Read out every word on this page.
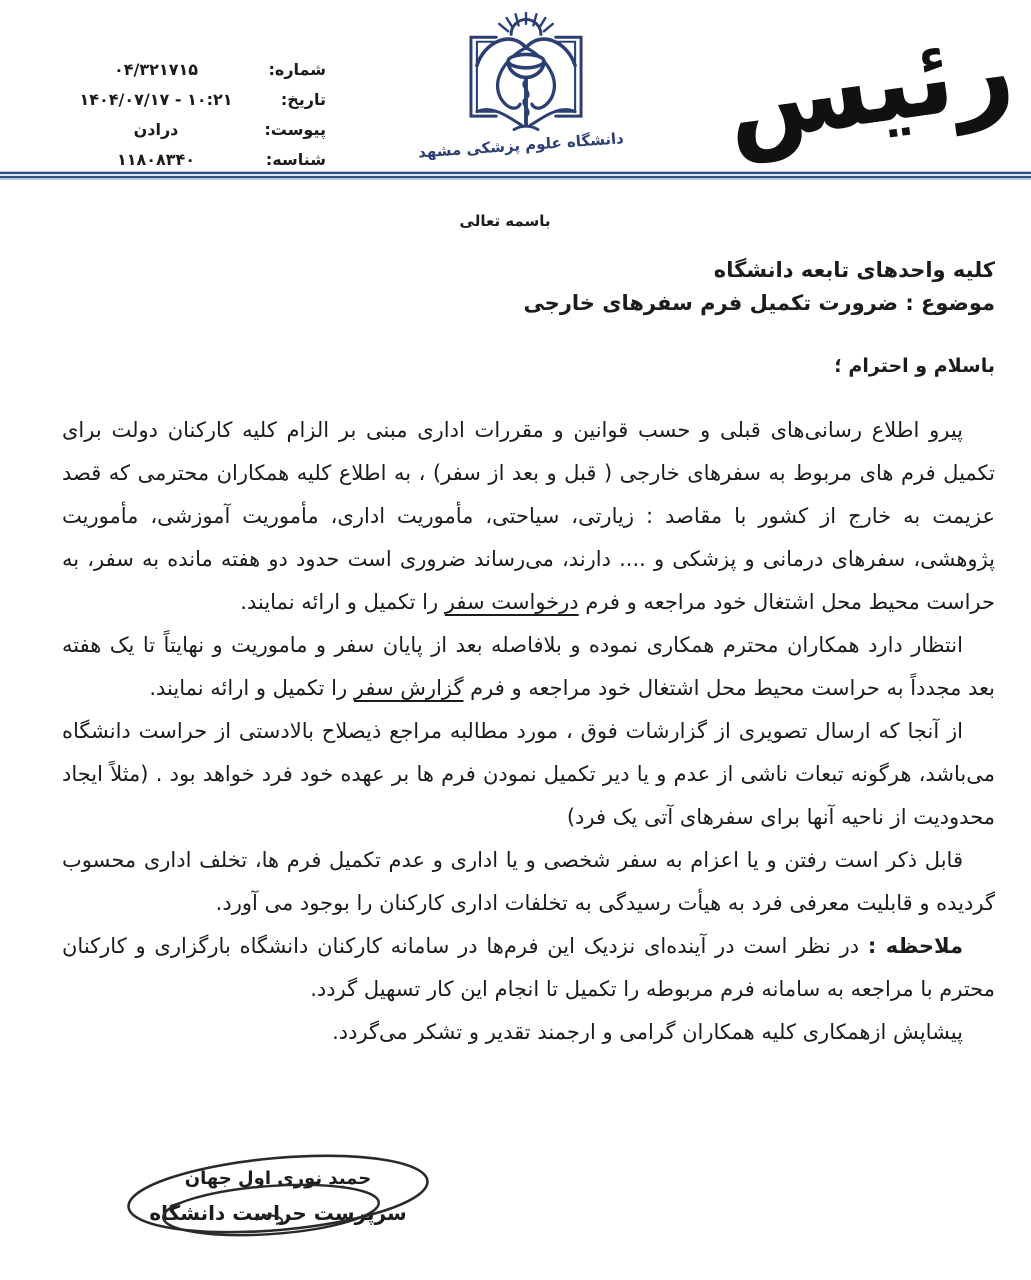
شماره:
۰۴/۳۲۱۷۱۵
تاریخ:
۱۴۰۴/۰۷/۱۷ - ۱۰:۲۱
پیوست:
ندارد
شناسه:
۱۱۸۰۸۳۴۰	دانشگاه علوم پزشکی مشهد رئیس
باسمه تعالی
کلیه واحدهای تابعه دانشگاه
موضوع : ضرورت تکمیل فرم سفرهای خارجی
باسلام و احترام ؛

پیرو اطلاع رسانی‌های قبلی و حسب قوانین و مقررات اداری مبنی بر الزام کلیه کارکنان دولت برای تکمیل فرم های مربوط به سفرهای خارجی ( قبل و بعد از سفر) ، به اطلاع کلیه همکاران محترمی که قصد عزیمت به خارج از کشور با مقاصد : زیارتی، سیاحتی، مأموریت اداری، مأموریت آموزشی، مأموریت پژوهشی، سفرهای درمانی و پزشکی و .... دارند، می‌رساند ضروری است حدود دو هفته مانده به سفر، به حراست محیط محل اشتغال خود مراجعه و فرم درخواست سفر را تکمیل و ارائه نمایند.

انتظار دارد همکاران محترم همکاری نموده و بلافاصله بعد از پایان سفر و ماموریت و نهایتاً تا یک هفته بعد مجدداً به حراست محیط محل اشتغال خود مراجعه و فرم گزارش سفر را تکمیل و ارائه نمایند.

از آنجا که ارسال تصویری از گزارشات فوق ، مورد مطالبه مراجع ذیصلاح بالادستی از حراست دانشگاه می‌باشد، هرگونه تبعات ناشی از عدم و یا دیر تکمیل نمودن فرم ها بر عهده خود فرد خواهد بود . (مثلاً ایجاد محدودیت از ناحیه آنها برای سفرهای آتی یک فرد)

قابل ذکر است رفتن و یا اعزام به سفر شخصی و یا اداری و عدم تکمیل فرم ها، تخلف اداری محسوب گردیده و قابلیت معرفی فرد به هیأت رسیدگی به تخلفات اداری کارکنان را بوجود می آورد.

ملاحظه : در نظر است در آینده‌ای نزدیک این فرم‌ها در سامانه کارکنان دانشگاه بارگزاری و کارکنان محترم با مراجعه به سامانه فرم مربوطه را تکمیل تا انجام این کار تسهیل گردد.

پیشاپش ازهمکاری کلیه همکاران گرامی و ارجمند تقدیر و تشکر می‌گردد.

حمید نوری اول جهان
سرپرست حراست دانشگاه
